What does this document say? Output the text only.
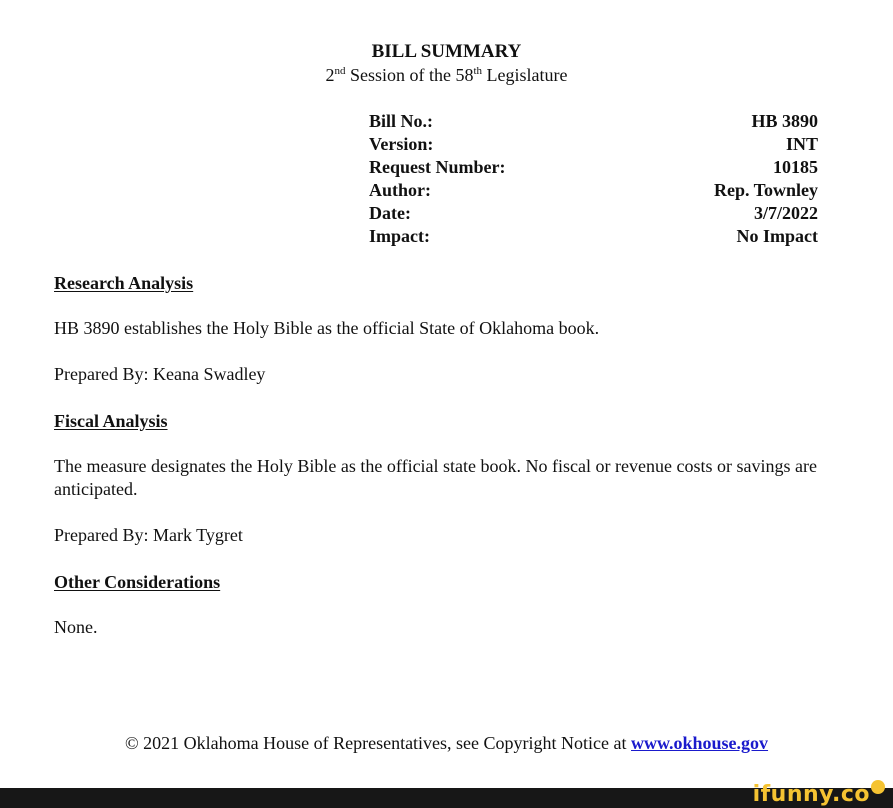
BILL SUMMARY
2nd Session of the 58th Legislature
Bill No.:	HB 3890
Version:	INT
Request Number:	10185
Author:	Rep. Townley
Date:	3/7/2022
Impact:	No Impact
Research Analysis
HB 3890 establishes the Holy Bible as the official State of Oklahoma book.
Prepared By: Keana Swadley
Fiscal Analysis
The measure designates the Holy Bible as the official state book. No fiscal or revenue costs or savings are anticipated.
Prepared By: Mark Tygret
Other Considerations
None.
© 2021 Oklahoma House of Representatives, see Copyright Notice at www.okhouse.gov
ifunny.co
